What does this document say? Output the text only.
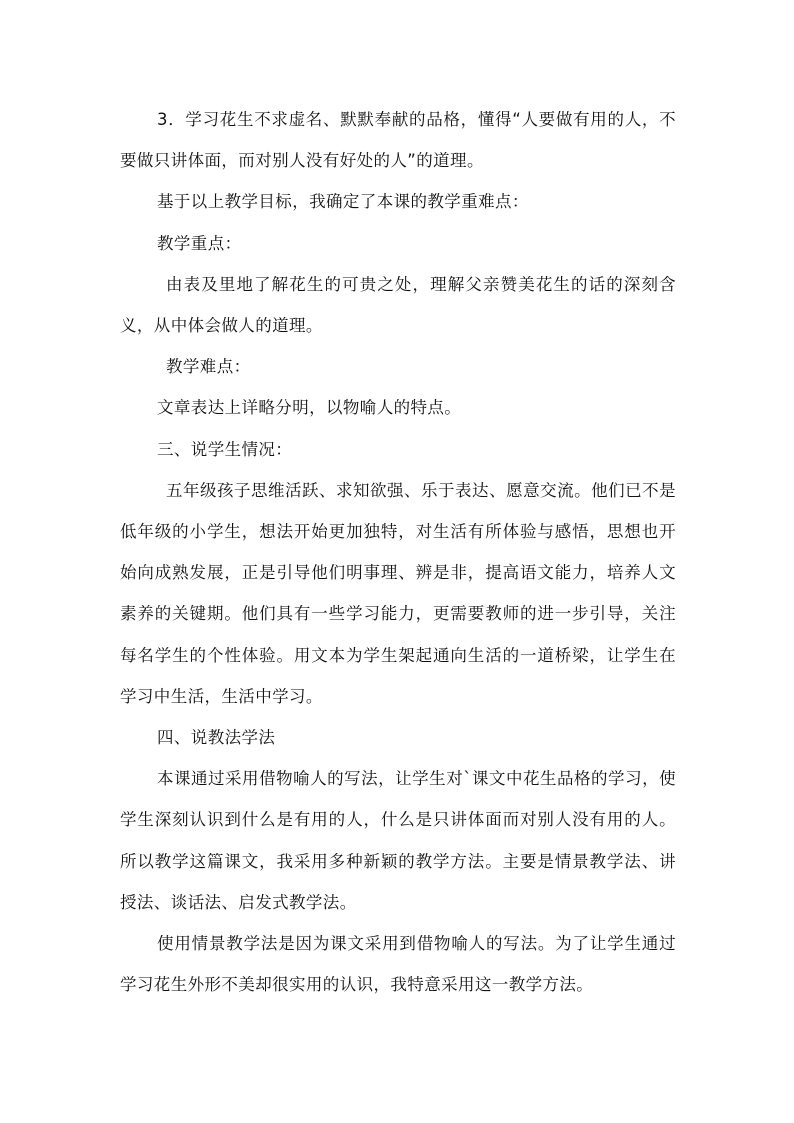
3．学习花生不求虚名、默默奉献的品格，懂得“人要做有用的人，不要做只讲体面，而对别人没有好处的人”的道理。

基于以上教学目标，我确定了本课的教学重难点：

教学重点：

由表及里地了解花生的可贵之处，理解父亲赞美花生的话的深刻含义，从中体会做人的道理。

教学难点：

文章表达上详略分明，以物喻人的特点。

三、说学生情况：

五年级孩子思维活跃、求知欲强、乐于表达、愿意交流。他们已不是低年级的小学生，想法开始更加独特，对生活有所体验与感悟，思想也开始向成熟发展，正是引导他们明事理、辨是非，提高语文能力，培养人文素养的关键期。他们具有一些学习能力，更需要教师的进一步引导，关注每名学生的个性体验。用文本为学生架起通向生活的一道桥梁，让学生在学习中生活，生活中学习。

四、说教法学法

本课通过采用借物喻人的写法，让学生对`课文中花生品格的学习，使学生深刻认识到什么是有用的人，什么是只讲体面而对别人没有用的人。所以教学这篇课文，我采用多种新颖的教学方法。主要是情景教学法、讲授法、谈话法、启发式教学法。

使用情景教学法是因为课文采用到借物喻人的写法。为了让学生通过学习花生外形不美却很实用的认识，我特意采用这一教学方法。
